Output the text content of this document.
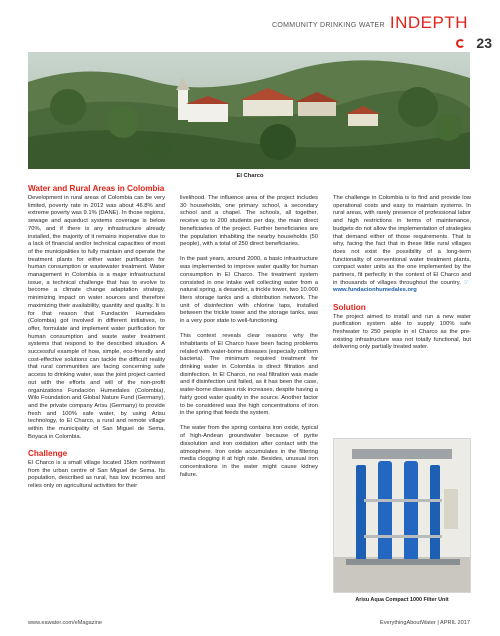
COMMUNITY DRINKING WATER INDEPTH
23
El Charco
Water and Rural Areas in Colombia

Development in rural areas of Colombia can be very limited, poverty rate in 2012 was about 46.8% and extreme poverty was 9.1% (DANE). In those regions, sewage and aqueduct systems coverage is below 70%, and if there is any infrastructure already installed, the majority of it remains inoperative due to a lack of financial and/or technical capacities of most of the municipalities to fully maintain and operate the treatment plants for either water purification for human consumption or wastewater treatment. Water management in Colombia is a major infrastructural issue, a technical challenge that has to evolve to become a climate change adaptation strategy, minimizing impact on water sources and therefore maximizing their availability, quantity and quality. It is for that reason that Fundación Humedales (Colombia) got involved in different initiatives, to offer, formulate and implement water purification for human consumption and waste water treatment systems that respond to the described situation. A successful example of how, simple, eco-friendly and cost-effective solutions can tackle the difficult reality that rural communities are facing concerning safe access to drinking water, was the joint project carried out with the efforts and will of the non-profit organizations Fundación Humedales (Colombia), Wilo Foundation and Global Nature Fund (Germany), and the private company Arisu (Germany) to provide fresh and 100% safe water, by using Arisu technology, to El Charco, a rural and remote village within the municipality of San Miguel de Sema, Boyacá in Colombia.

Challenge

El Charco is a small village located 15km northwest from the urban centre of San Miguel de Sema. Its population, described as rural, has low incomes and relies only on agricultural activities for their

livelihood. The influence area of the project includes 30 households, one primary school, a secondary school and a chapel. The schools, all together, receive up to 200 students per day, the main direct beneficiaries of the project. Further beneficiaries are the population inhabiting the nearby households (50 people), with a total of 250 direct beneficiaries.

In the past years, around 2000, a basic infrastructure was implemented to improve water quality for human consumption in El Charco. The treatment system consisted in one intake well collecting water from a natural spring, a desander, a trickle tower, two 10.000 liters storage tanks and a distribution network. The unit of disinfection with chlorine taps, installed between the trickle tower and the storage tanks, was in a very poor state to well-functioning.

This context reveals clear reasons why the inhabitants of El Charco have been facing problems related with water-borne diseases (especially coliform bacteria). The minimum required treatment for drinking water in Colombia is direct filtration and disinfection. In El Charco, no real filtration was made and if disinfection unit failed, as it has been the case, water-borne diseases risk increases, despite having a fairly good water quality in the source. Another factor to be considered was the high concentrations of iron in the spring that feeds the system.

The water from the spring contains iron oxide, typical of high-Andean groundwater because of pyrite dissolution and iron oxidation after contact with the atmosphere. Iron oxide accumulates in the filtering media clogging it at high rate. Besides, unusual iron concentrations in the water might cause kidney failure.

The challenge in Colombia is to find and provide low operational costs and easy to maintain systems. In rural areas, with rarely presence of professional labor and high restrictions in terms of maintenance, budgets do not allow the implementation of strategies that demand either of those requirements. That is why, facing the fact that in these little rural villages does not exist the possibility of a long-term functionality of conventional water treatment plants, compact water units as the one implemented by the partners, fit perfectly in the context of El Charco and in thousands of villages throughout the country. ☞www.fundacionhumedales.org

Solution

The project aimed to install and run a new water purification system able to supply 100% safe freshwater to 250 people in el Charco as the pre-existing infrastructure was not totally functional, but delivering only partially treated water.

Arisu Aqua Compact 1000 Filter Unit
www.eawater.com/eMagazine	EverythingAboutWater | APRIL 2017
